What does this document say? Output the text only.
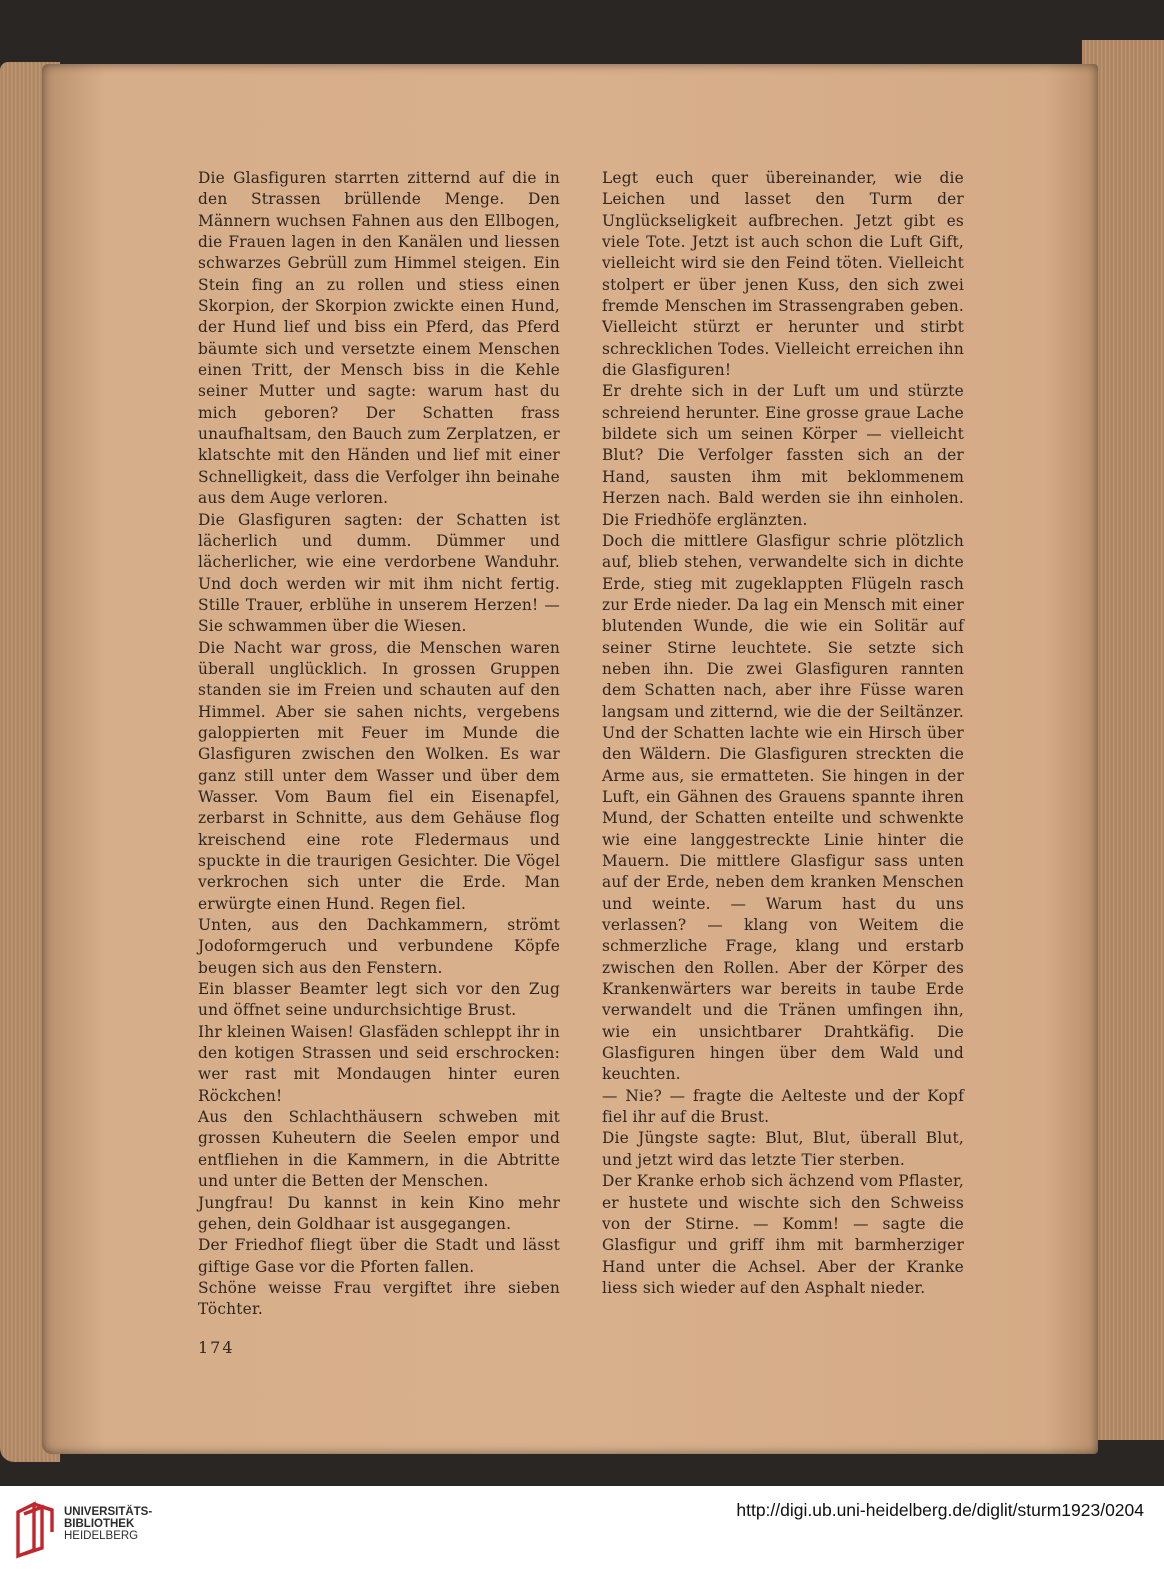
Die Glasfiguren starrten zitternd auf die in den Strassen brüllende Menge. Den Männern wuchsen Fahnen aus den Ellbogen, die Frauen lagen in den Kanälen und liessen schwarzes Gebrüll zum Himmel steigen. Ein Stein fing an zu rollen und stiess einen Skorpion, der Skorpion zwickte einen Hund, der Hund lief und biss ein Pferd, das Pferd bäumte sich und versetzte einem Menschen einen Tritt, der Mensch biss in die Kehle seiner Mutter und sagte: warum hast du mich geboren? Der Schatten frass unaufhaltsam, den Bauch zum Zerplatzen, er klatschte mit den Händen und lief mit einer Schnelligkeit, dass die Verfolger ihn beinahe aus dem Auge verloren.

Die Glasfiguren sagten: der Schatten ist lächerlich und dumm. Dümmer und lächerlicher, wie eine verdorbene Wanduhr. Und doch werden wir mit ihm nicht fertig. Stille Trauer, erblühe in unserem Herzen! — Sie schwammen über die Wiesen.

Die Nacht war gross, die Menschen waren überall unglücklich. In grossen Gruppen standen sie im Freien und schauten auf den Himmel. Aber sie sahen nichts, vergebens galoppierten mit Feuer im Munde die Glasfiguren zwischen den Wolken. Es war ganz still unter dem Wasser und über dem Wasser. Vom Baum fiel ein Eisenapfel, zerbarst in Schnitte, aus dem Gehäuse flog kreischend eine rote Fledermaus und spuckte in die traurigen Gesichter. Die Vögel verkrochen sich unter die Erde. Man erwürgte einen Hund. Regen fiel.

Unten, aus den Dachkammern, strömt Jodoformgeruch und verbundene Köpfe beugen sich aus den Fenstern.

Ein blasser Beamter legt sich vor den Zug und öffnet seine undurchsichtige Brust.

Ihr kleinen Waisen! Glasfäden schleppt ihr in den kotigen Strassen und seid erschrocken: wer rast mit Mondaugen hinter euren Röckchen!

Aus den Schlachthäusern schweben mit grossen Kuheutern die Seelen empor und entfliehen in die Kammern, in die Abtritte und unter die Betten der Menschen.

Jungfrau! Du kannst in kein Kino mehr gehen, dein Goldhaar ist ausgegangen.

Der Friedhof fliegt über die Stadt und lässt giftige Gase vor die Pforten fallen.

Schöne weisse Frau vergiftet ihre sieben Töchter.

Legt euch quer übereinander, wie die Leichen und lasset den Turm der Unglückseligkeit aufbrechen. Jetzt gibt es viele Tote. Jetzt ist auch schon die Luft Gift, vielleicht wird sie den Feind töten. Vielleicht stolpert er über jenen Kuss, den sich zwei fremde Menschen im Strassengraben geben. Vielleicht stürzt er herunter und stirbt schrecklichen Todes. Vielleicht erreichen ihn die Glasfiguren!

Er drehte sich in der Luft um und stürzte schreiend herunter. Eine grosse graue Lache bildete sich um seinen Körper — vielleicht Blut? Die Verfolger fassten sich an der Hand, sausten ihm mit beklommenem Herzen nach. Bald werden sie ihn einholen. Die Friedhöfe erglänzten.

Doch die mittlere Glasfigur schrie plötzlich auf, blieb stehen, verwandelte sich in dichte Erde, stieg mit zugeklappten Flügeln rasch zur Erde nieder. Da lag ein Mensch mit einer blutenden Wunde, die wie ein Solitär auf seiner Stirne leuchtete. Sie setzte sich neben ihn. Die zwei Glasfiguren rannten dem Schatten nach, aber ihre Füsse waren langsam und zitternd, wie die der Seiltänzer. Und der Schatten lachte wie ein Hirsch über den Wäldern. Die Glasfiguren streckten die Arme aus, sie ermatteten. Sie hingen in der Luft, ein Gähnen des Grauens spannte ihren Mund, der Schatten enteilte und schwenkte wie eine langgestreckte Linie hinter die Mauern. Die mittlere Glasfigur sass unten auf der Erde, neben dem kranken Menschen und weinte. — Warum hast du uns verlassen? — klang von Weitem die schmerzliche Frage, klang und erstarb zwischen den Rollen. Aber der Körper des Krankenwärters war bereits in taube Erde verwandelt und die Tränen umfingen ihn, wie ein unsichtbarer Drahtkäfig. Die Glasfiguren hingen über dem Wald und keuchten.

— Nie? — fragte die Aelteste und der Kopf fiel ihr auf die Brust.

Die Jüngste sagte: Blut, Blut, überall Blut, und jetzt wird das letzte Tier sterben.

Der Kranke erhob sich ächzend vom Pflaster, er hustete und wischte sich den Schweiss von der Stirne. — Komm! — sagte die Glasfigur und griff ihm mit barmherziger Hand unter die Achsel. Aber der Kranke liess sich wieder auf den Asphalt nieder.

174
UNIVERSITÄTS-
BIBLIOTHEK
HEIDELBERG
http://digi.ub.uni-heidelberg.de/diglit/sturm1923/0204
